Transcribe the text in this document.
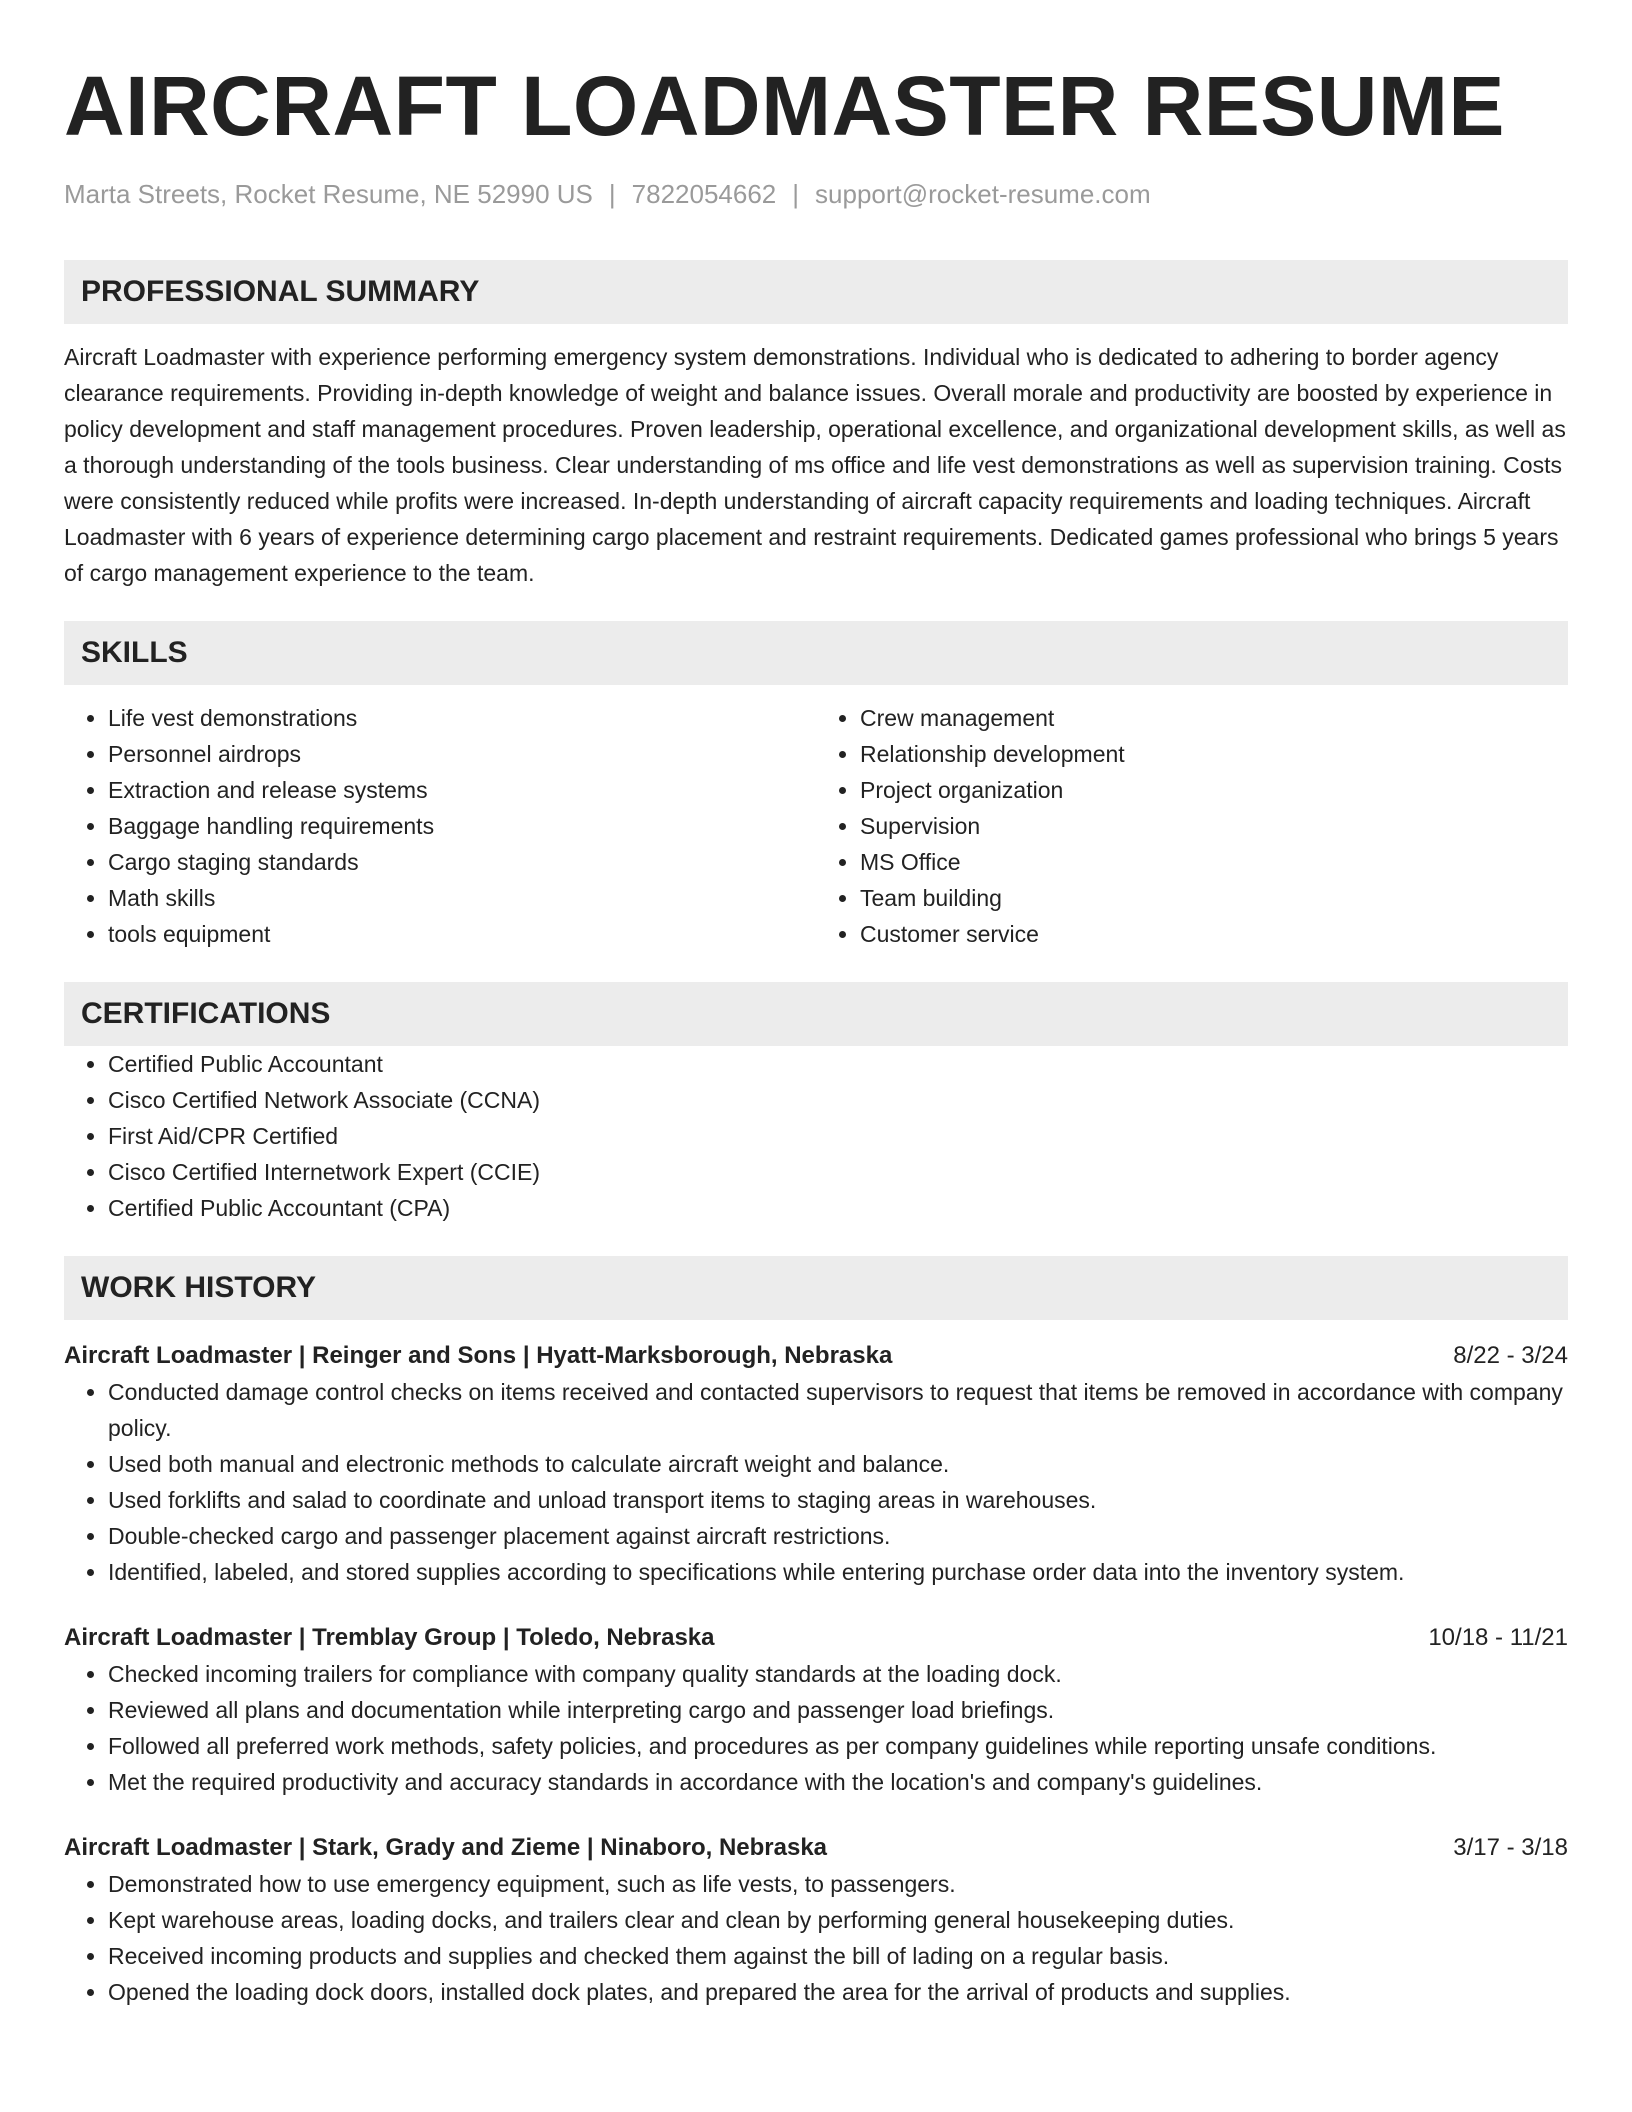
AIRCRAFT LOADMASTER RESUME
Marta Streets, Rocket Resume, NE 52990 US | 7822054662 | support@rocket-resume.com
PROFESSIONAL SUMMARY

Aircraft Loadmaster with experience performing emergency system demonstrations. Individual who is dedicated to adhering to border agency clearance requirements. Providing in-depth knowledge of weight and balance issues. Overall morale and productivity are boosted by experience in policy development and staff management procedures. Proven leadership, operational excellence, and organizational development skills, as well as a thorough understanding of the tools business. Clear understanding of ms office and life vest demonstrations as well as supervision training. Costs were consistently reduced while profits were increased. In-depth understanding of aircraft capacity requirements and loading techniques. Aircraft Loadmaster with 6 years of experience determining cargo placement and restraint requirements. Dedicated games professional who brings 5 years of cargo management experience to the team.

SKILLS
• Life vest demonstrations
• Personnel airdrops
• Extraction and release systems
• Baggage handling requirements
• Cargo staging standards
• Math skills
• tools equipment
• Crew management
• Relationship development
• Project organization
• Supervision
• MS Office
• Team building
• Customer service
CERTIFICATIONS
• Certified Public Accountant
• Cisco Certified Network Associate (CCNA)
• First Aid/CPR Certified
• Cisco Certified Internetwork Expert (CCIE)
• Certified Public Accountant (CPA)
WORK HISTORY
Aircraft Loadmaster | Reinger and Sons | Hyatt-Marksborough, Nebraska	8/22 - 3/24
• Conducted damage control checks on items received and contacted supervisors to request that items be removed in accordance with company policy.
• Used both manual and electronic methods to calculate aircraft weight and balance.
• Used forklifts and salad to coordinate and unload transport items to staging areas in warehouses.
• Double-checked cargo and passenger placement against aircraft restrictions.
• Identified, labeled, and stored supplies according to specifications while entering purchase order data into the inventory system.
Aircraft Loadmaster | Tremblay Group | Toledo, Nebraska	10/18 - 11/21
• Checked incoming trailers for compliance with company quality standards at the loading dock.
• Reviewed all plans and documentation while interpreting cargo and passenger load briefings.
• Followed all preferred work methods, safety policies, and procedures as per company guidelines while reporting unsafe conditions.
• Met the required productivity and accuracy standards in accordance with the location's and company's guidelines.
Aircraft Loadmaster | Stark, Grady and Zieme | Ninaboro, Nebraska	3/17 - 3/18
• Demonstrated how to use emergency equipment, such as life vests, to passengers.
• Kept warehouse areas, loading docks, and trailers clear and clean by performing general housekeeping duties.
• Received incoming products and supplies and checked them against the bill of lading on a regular basis.
• Opened the loading dock doors, installed dock plates, and prepared the area for the arrival of products and supplies.
